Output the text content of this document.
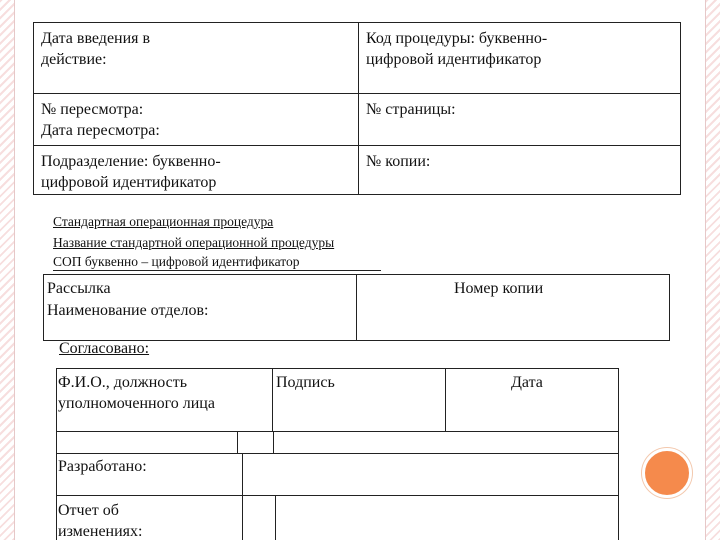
Дата введения в
действие:
Код процедуры: буквенно-
цифровой идентификатор
№ пересмотра:
Дата пересмотра:
№ страницы:
Подразделение: буквенно-
цифровой идентификатор
№ копии:
Стандартная операционная процедура
Название стандартной операционной процедуры
СОП буквенно – цифровой идентификатор
Рассылка
Наименование отделов:
Номер копии
Согласовано:
Ф.И.О., должность
уполномоченного лица
Подпись	Дата
Разработано:
Отчет об
изменениях:
